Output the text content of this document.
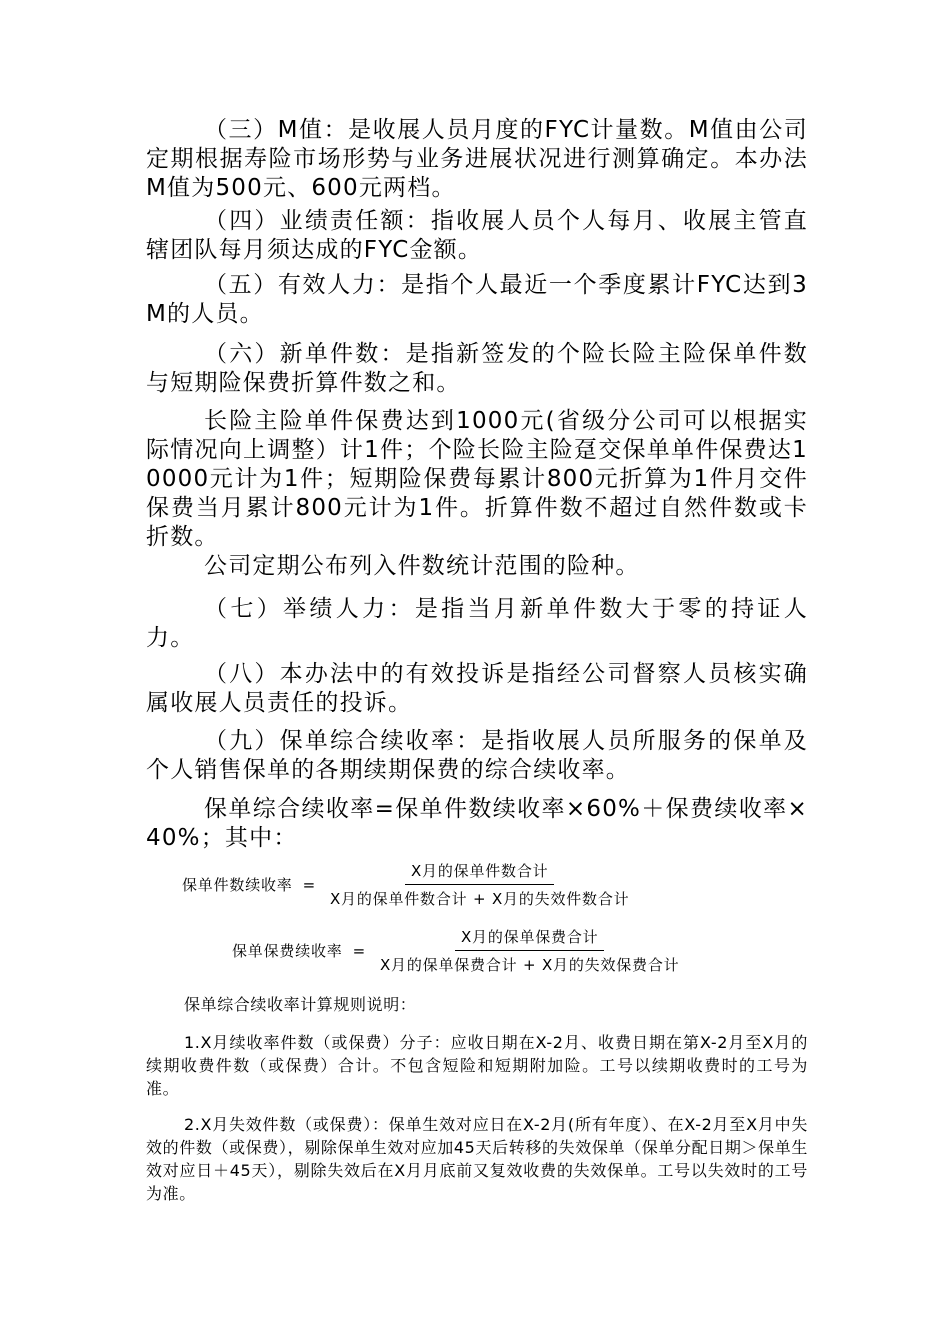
（三）M值：是收展人员月度的FYC计量数。M值由公司定期根据寿险市场形势与业务进展状况进行测算确定。本办法M值为500元、600元两档。

（四）业绩责任额：指收展人员个人每月、收展主管直辖团队每月须达成的FYC金额。

（五）有效人力：是指个人最近一个季度累计FYC达到3M的人员。

（六）新单件数：是指新签发的个险长险主险保单件数与短期险保费折算件数之和。

长险主险单件保费达到1000元(省级分公司可以根据实际情况向上调整）计1件；个险长险主险趸交保单单件保费达10000元计为1件；短期险保费每累计800元折算为1件月交件保费当月累计800元计为1件。折算件数不超过自然件数或卡折数。

公司定期公布列入件数统计范围的险种。

（七）举绩人力：是指当月新单件数大于零的持证人力。

（八）本办法中的有效投诉是指经公司督察人员核实确属收展人员责任的投诉。

（九）保单综合续收率：是指收展人员所服务的保单及个人销售保单的各期续期保费的综合续收率。

保单综合续收率=保单件数续收率×60%＋保费续收率×40%；其中：

保单件数续收率 = $\frac{\text{X月的保单件数合计}}{\text{X月的保单件数合计 + X月的失效件数合计}}$
保单保费续收率 = $\frac{\text{X月的保单保费合计}}{\text{X月的保单保费合计 + X月的失效保费合计}}$

保单综合续收率计算规则说明：

1.X月续收率件数（或保费）分子：应收日期在X-2月、收费日期在第X-2月至X月的续期收费件数（或保费）合计。不包含短险和短期附加险。工号以续期收费时的工号为准。

2.X月失效件数（或保费）：保单生效对应日在X-2月(所有年度）、在X-2月至X月中失效的件数（或保费），剔除保单生效对应加45天后转移的失效保单（保单分配日期＞保单生效对应日＋45天），剔除失效后在X月月底前又复效收费的失效保单。工号以失效时的工号为准。
